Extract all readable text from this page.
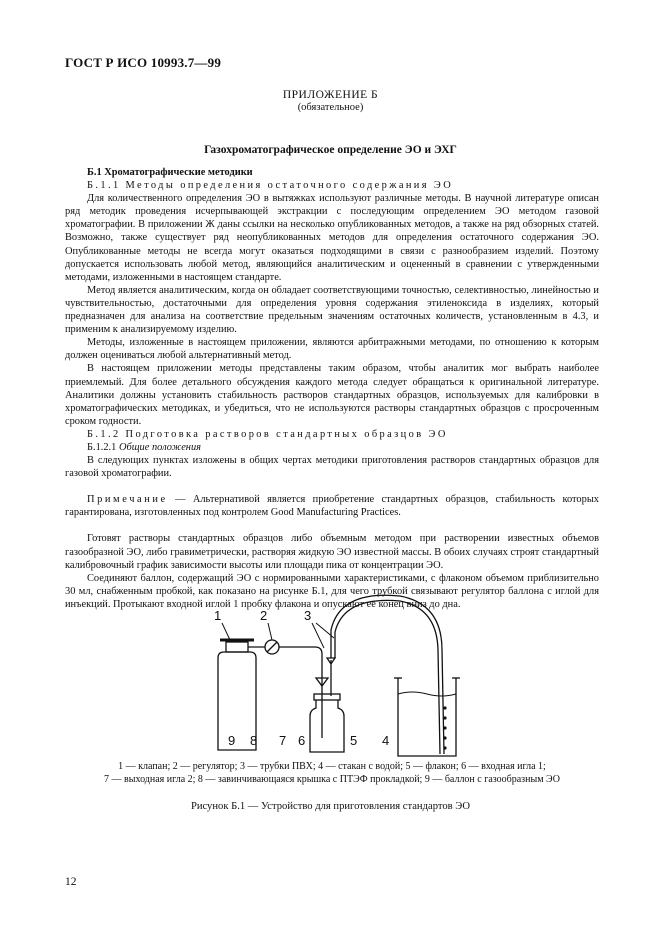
ГОСТ Р ИСО 10993.7—99
ПРИЛОЖЕНИЕ Б
(обязательное)
Газохроматографическое определение ЭО и ЭХГ

Б.1 Хроматографические методики

Б.1.1 Методы определения остаточного содержания ЭО

Для количественного определения ЭО в вытяжках используют различные методы. В научной литературе описан ряд методик проведения исчерпывающей экстракции с последующим определением ЭО методом газовой хроматографии. В приложении Ж даны ссылки на несколько опубликованных методов, а также на ряд обзорных статей. Возможно, также существует ряд неопубликованных методов для определения остаточного содержания ЭО. Опубликованные методы не всегда могут оказаться подходящими в связи с разнообразием изделий. Поэтому допускается использовать любой метод, являющийся аналитическим и оцененный в сравнении с утвержденными методами, изложенными в настоящем стандарте.

Метод является аналитическим, когда он обладает соответствующими точностью, селективностью, линейностью и чувствительностью, достаточными для определения уровня содержания этиленоксида в изделиях, который предназначен для анализа на соответствие предельным значениям остаточных количеств, установленным в 4.3, и применим к анализируемому изделию.

Методы, изложенные в настоящем приложении, являются арбитражными методами, по отношению к которым должен оцениваться любой альтернативный метод.

В настоящем приложении методы представлены таким образом, чтобы аналитик мог выбрать наиболее приемлемый. Для более детального обсуждения каждого метода следует обращаться к оригинальной литературе. Аналитики должны установить стабильность растворов стандартных образцов, используемых для калибровки в хроматографических методиках, и убедиться, что не используются растворы стандартных образцов с просроченным сроком годности.

Б.1.2 Подготовка растворов стандартных образцов ЭО

Б.1.2.1 Общие положения

В следующих пунктах изложены в общих чертах методики приготовления растворов стандартных образцов для газовой хроматографии.

Примечание — Альтернативой является приобретение стандартных образцов, стабильность которых гарантирована, изготовленных под контролем Good Manufacturing Practices.

Готовят растворы стандартных образцов либо объемным методом при растворении известных объемов газообразной ЭО, либо гравиметрически, растворяя жидкую ЭО известной массы. В обоих случаях строят стандартный калибровочный график зависимости высоты или площади пика от концентрации ЭО.

Соединяют баллон, содержащий ЭО с нормированными характеристиками, с флаконом объемом приблизительно 30 мл, снабженным пробкой, как показано на рисунке Б.1, для чего трубкой связывают регулятор баллона с иглой для инъекций. Протыкают входной иглой 1 пробку флакона и опускают ее конец вниз до дна.

1	2	3
9 8 7 6	5 4
1 — клапан; 2 — регулятор; 3 — трубки ПВХ; 4 — стакан с водой; 5 — флакон; 6 — входная игла 1;
7 — выходная игла 2; 8 — завинчивающаяся крышка с ПТЭФ прокладкой; 9 — баллон с газообразным ЭО
Рисунок Б.1 — Устройство для приготовления стандартов ЭО
12
